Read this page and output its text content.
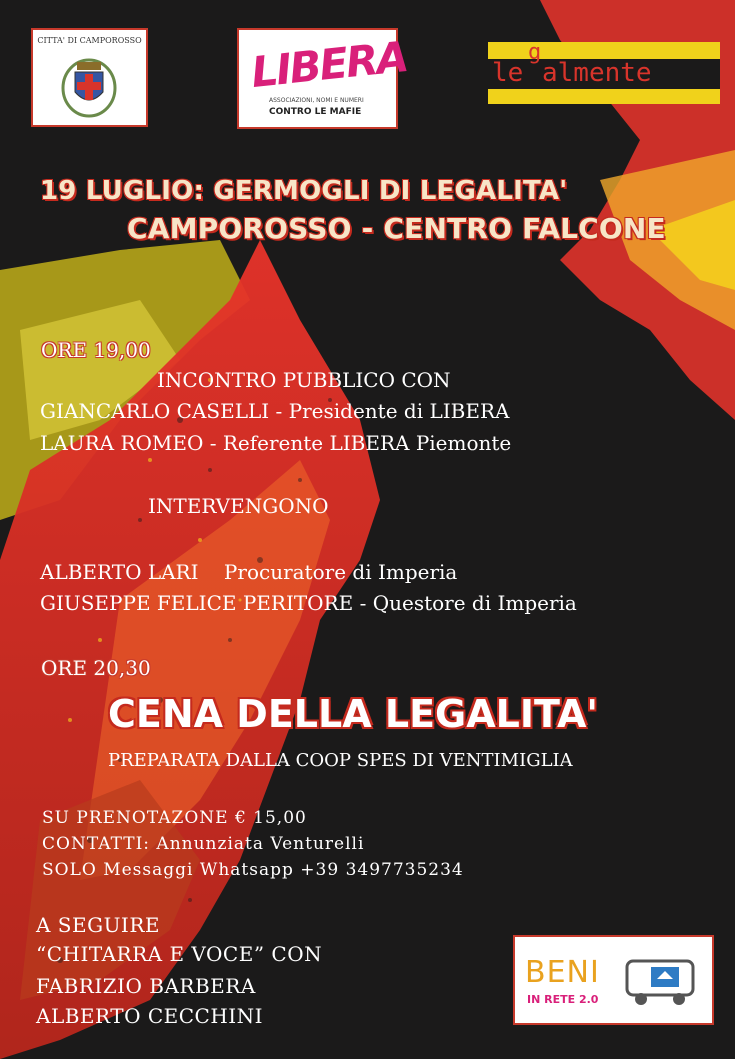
CITTA' DI CAMPOROSSO	LIBERA
ASSOCIAZIONI, NOMI E NUMERI
CONTRO LE MAFIE
le
g
almente
19 LUGLIO: GERMOGLI DI LEGALITA'
CAMPOROSSO - CENTRO FALCONE
ORE 19,00
INCONTRO PUBBLICO CON
GIANCARLO CASELLI - Presidente di LIBERA
LAURA ROMEO - Referente LIBERA Piemonte
INTERVENGONO
ALBERTO LARI    Procuratore di Imperia
GIUSEPPE FELICE PERITORE - Questore di Imperia
ORE 20,30
CENA DELLA LEGALITA'
PREPARATA DALLA COOP SPES DI VENTIMIGLIA
SU PRENOTAZONE € 15,00
CONTATTI: Annunziata Venturelli
SOLO Messaggi Whatsapp +39 3497735234
A SEGUIRE
“CHITARRA E VOCE” CON
FABRIZIO BARBERA
ALBERTO CECCHINI
BENI
IN RETE 2.0
